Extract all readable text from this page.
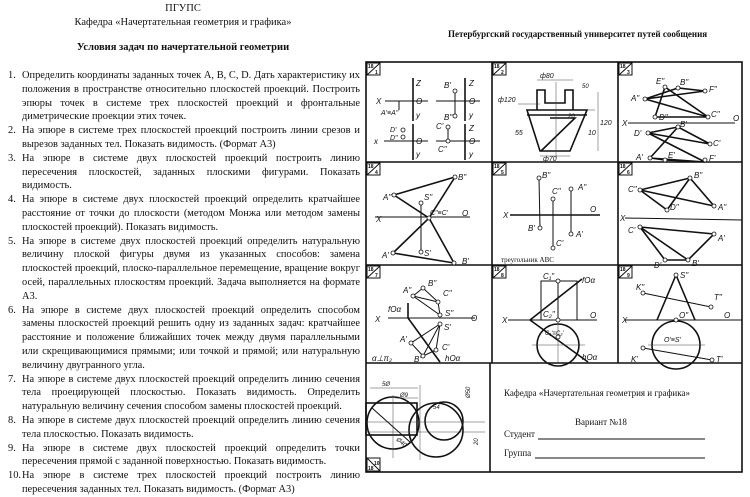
ПГУПС
Кафедра «Начертательная геометрия и графика»
Условия задач по начертательной геометрии
1. Определить координаты заданных точек A, B, C, D. Дать характеристику их положения в пространстве относительно плоскостей проекций. Построить эпюры точек в системе трех плоскостей проекций и фронтальные диметрические проекции этих точек.
2. На эпюре в системе трех плоскостей проекций построить линии срезов и вырезов заданных тел. Показать видимость. (Формат А3)
3. На эпюре в системе двух плоскостей проекций построить линию пересечения плоскостей, заданных плоскими фигурами. Показать видимость.
4. На эпюре в системе двух плоскостей проекций определить кратчайшее расстояние от точки до плоскости (методом Монжа или методом замены плоскостей проекций). Показать видимость.
5. На эпюре в системе двух плоскостей проекций определить натуральную величину плоской фигуры двумя из указанных способов: замена плоскостей проекций, плоско-параллельное перемещение, вращение вокруг осей, параллельных плоскостям проекций. Задача выполняется на формате А3.
6. На эпюре в системе двух плоскостей проекций определить способом замены плоскостей проекций решить одну из заданных задач: кратчайшее расстояние и положение ближайших точек между двумя параллельными или скрещивающимися прямыми; или точкой и прямой; или натуральную величину двугранного угла.
7. На эпюре в системе двух плоскостей проекций определить линию сечения тела проецирующей плоскостью. Показать видимость. Определить натуральную величину сечения способом замены плоскостей проекций.
8. На эпюре в системе двух плоскостей проекций определить линию сечения тела плоскостью. Показать видимость.
9. На эпюре в системе двух плоскостей проекций определить точки пересечения прямой с заданной поверхностью. Показать видимость.
10. На эпюре в системе трех плоскостей проекций построить линию пересечения заданных тел. Показать видимость. (Формат А3)
Петербургский государственный университет путей сообщения
18
1
18
2
18
3
18
4
18
5
18
6
18
7
18
8
18
9
18
10
X	O
Z
y
A'≡A"
B'
B"
D'
D"
C'
C"
x
Z
O
y
O
y
Z
O
y
ф80
ф120
ф70
120
55	10
20
50
E" B"
F"
A"
D"	C"
X
O
B'
D'
C'
A'	E'	F'
B"
A"	S"
C"≡C'
X
O
S'
A'
B'
B"
C" A"
X
O
B'
C'
A'
треугольник ABC
C"
B"
D"	A"
X
C'
A'
D'	B'
A"
B"
C"
S"
fOα
X	O
S'
A'
C'
B'
α⊥π₂	hOα
C₁"	fOα
C₂"
X
O
C₁'≡C₂'
hOα
S"
K"
T"
X
O"	O
O'≡S'
K'	T'
5Ø
Ø9
54
Ø50
20
Ø40
Кафедра «Начертательная геометрия и графика»
Вариант №18
Студент
Группа
